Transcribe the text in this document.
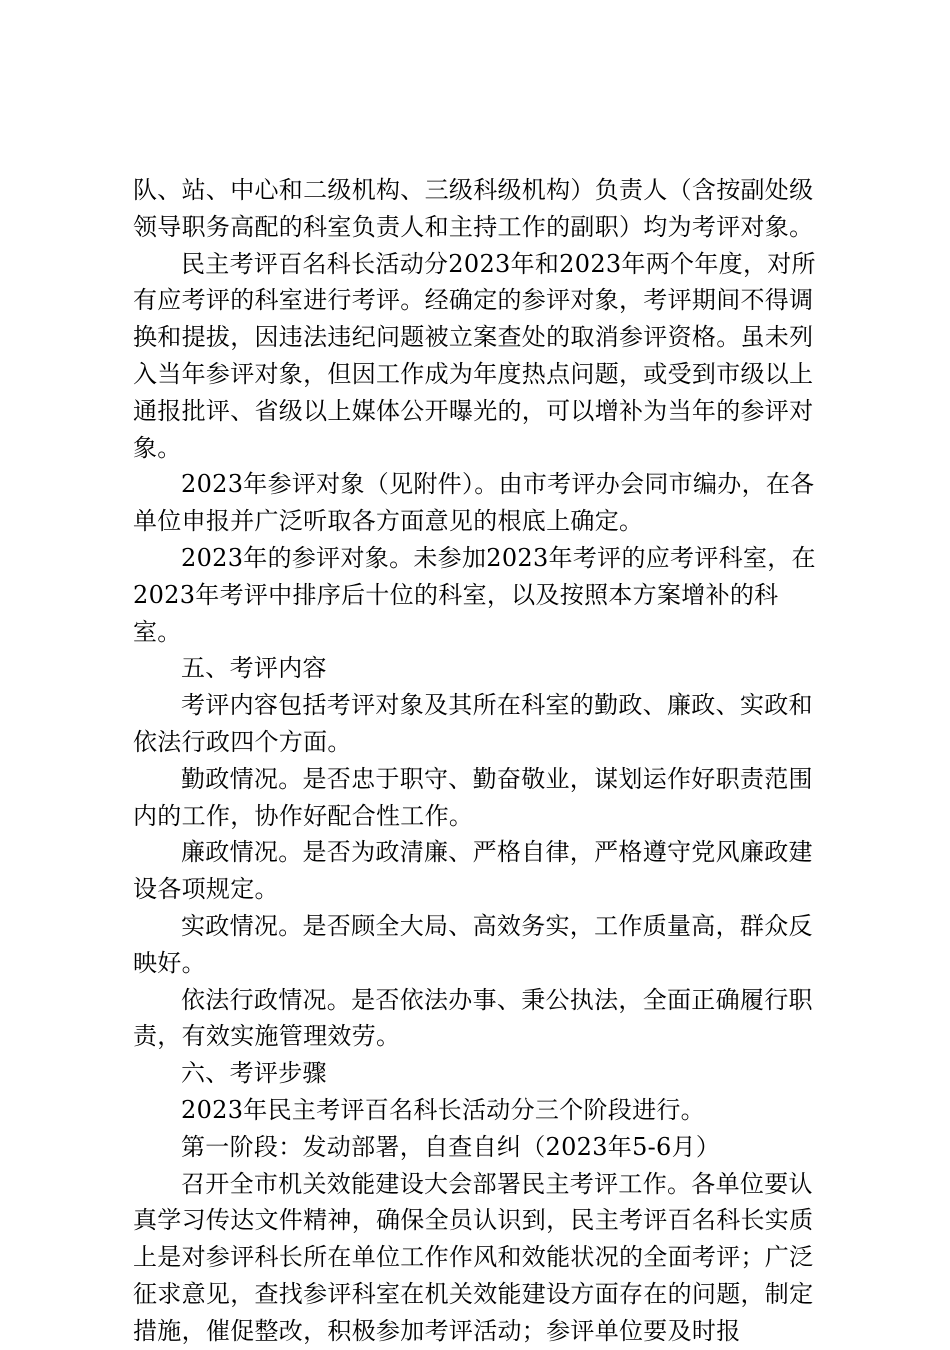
队、站、中心和二级机构、三级科级机构）负责人（含按副处级领导职务高配的科室负责人和主持工作的副职）均为考评对象。

民主考评百名科长活动分2023年和2023年两个年度，对所有应考评的科室进行考评。经确定的参评对象，考评期间不得调换和提拔，因违法违纪问题被立案查处的取消参评资格。虽未列入当年参评对象，但因工作成为年度热点问题，或受到市级以上通报批评、省级以上媒体公开曝光的，可以增补为当年的参评对象。

2023年参评对象（见附件）。由市考评办会同市编办，在各单位申报并广泛听取各方面意见的根底上确定。

2023年的参评对象。未参加2023年考评的应考评科室，在2023年考评中排序后十位的科室，以及按照本方案增补的科室。

五、考评内容

考评内容包括考评对象及其所在科室的勤政、廉政、实政和依法行政四个方面。

勤政情况。是否忠于职守、勤奋敬业，谋划运作好职责范围内的工作，协作好配合性工作。

廉政情况。是否为政清廉、严格自律，严格遵守党风廉政建设各项规定。

实政情况。是否顾全大局、高效务实，工作质量高，群众反映好。

依法行政情况。是否依法办事、秉公执法，全面正确履行职责，有效实施管理效劳。

六、考评步骤

2023年民主考评百名科长活动分三个阶段进行。

第一阶段：发动部署，自查自纠（2023年5-6月）

召开全市机关效能建设大会部署民主考评工作。各单位要认真学习传达文件精神，确保全员认识到，民主考评百名科长实质上是对参评科长所在单位工作作风和效能状况的全面考评；广泛征求意见，查找参评科室在机关效能建设方面存在的问题，制定措施，催促整改，积极参加考评活动；参评单位要及时报
